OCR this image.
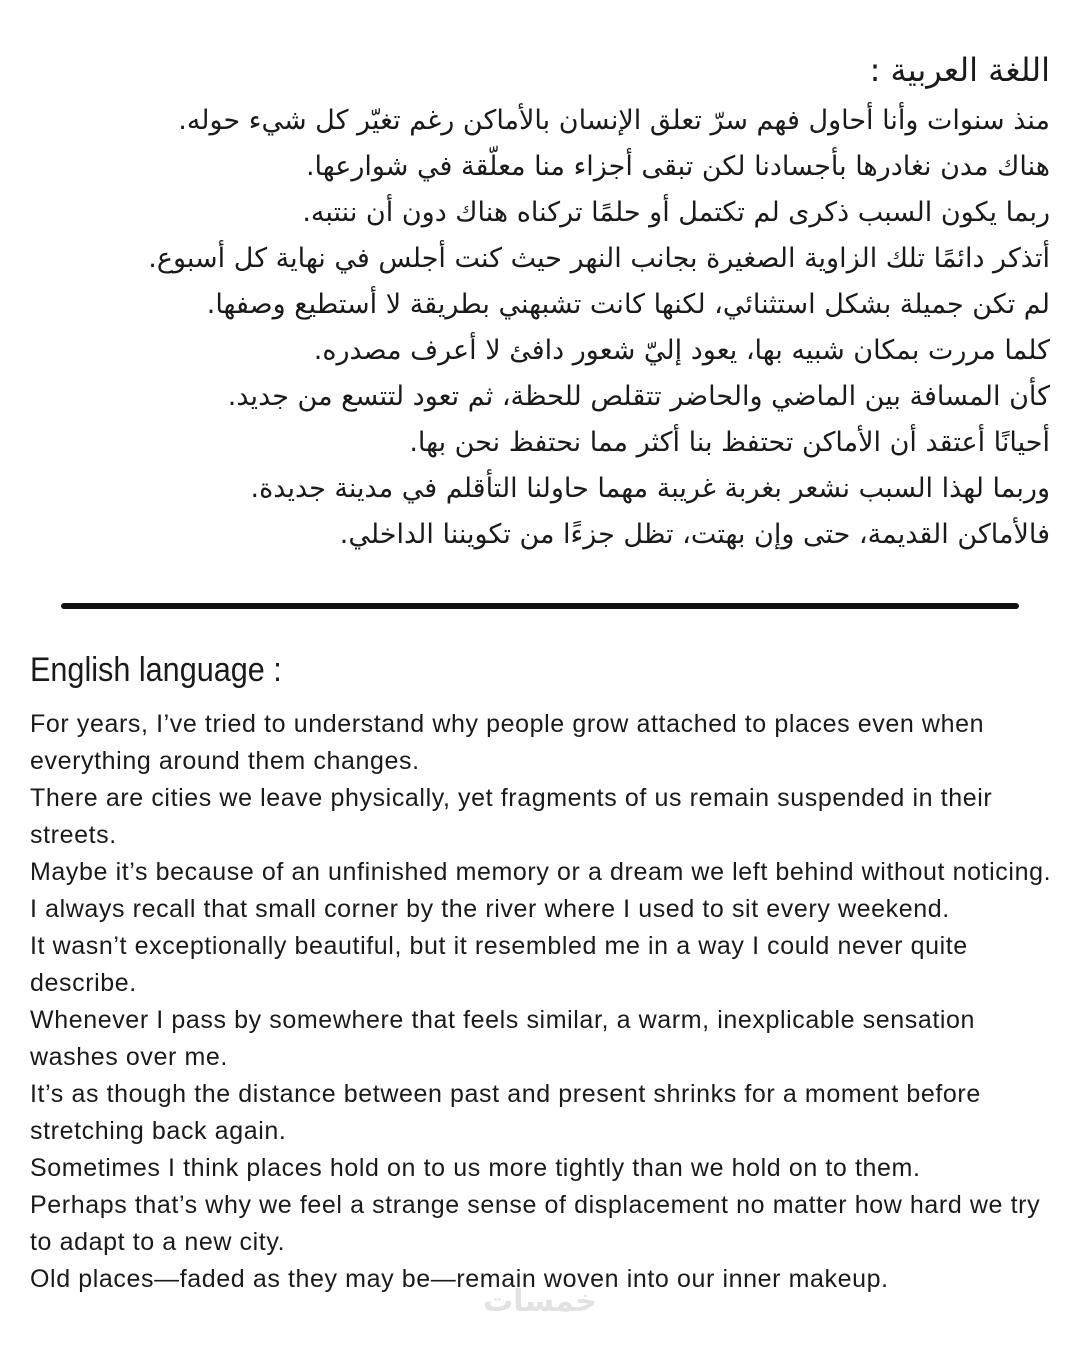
اللغة العربية :
منذ سنوات وأنا أحاول فهم سرّ تعلق الإنسان بالأماكن رغم تغيّر كل شيء حوله.
هناك مدن نغادرها بأجسادنا لكن تبقى أجزاء منا معلّقة في شوارعها.
ربما يكون السبب ذكرى لم تكتمل أو حلمًا تركناه هناك دون أن ننتبه.
أتذكر دائمًا تلك الزاوية الصغيرة بجانب النهر حيث كنت أجلس في نهاية كل أسبوع.
لم تكن جميلة بشكل استثنائي، لكنها كانت تشبهني بطريقة لا أستطيع وصفها.
كلما مررت بمكان شبيه بها، يعود إليّ شعور دافئ لا أعرف مصدره.
كأن المسافة بين الماضي والحاضر تتقلص للحظة، ثم تعود لتتسع من جديد.
أحيانًا أعتقد أن الأماكن تحتفظ بنا أكثر مما نحتفظ نحن بها.
وربما لهذا السبب نشعر بغربة غريبة مهما حاولنا التأقلم في مدينة جديدة.
فالأماكن القديمة، حتى وإن بهتت، تظل جزءًا من تكويننا الداخلي.
English language :
For years, I’ve tried to understand why people grow attached to places even when everything around them changes.
There are cities we leave physically, yet fragments of us remain suspended in their streets.
Maybe it’s because of an unfinished memory or a dream we left behind without noticing.
I always recall that small corner by the river where I used to sit every weekend.
It wasn’t exceptionally beautiful, but it resembled me in a way I could never quite describe.
Whenever I pass by somewhere that feels similar, a warm, inexplicable sensation washes over me.
It’s as though the distance between past and present shrinks for a moment before stretching back again.
Sometimes I think places hold on to us more tightly than we hold on to them.
Perhaps that’s why we feel a strange sense of displacement no matter how hard we try to adapt to a new city.
Old places—faded as they may be—remain woven into our inner makeup.
خمسات
